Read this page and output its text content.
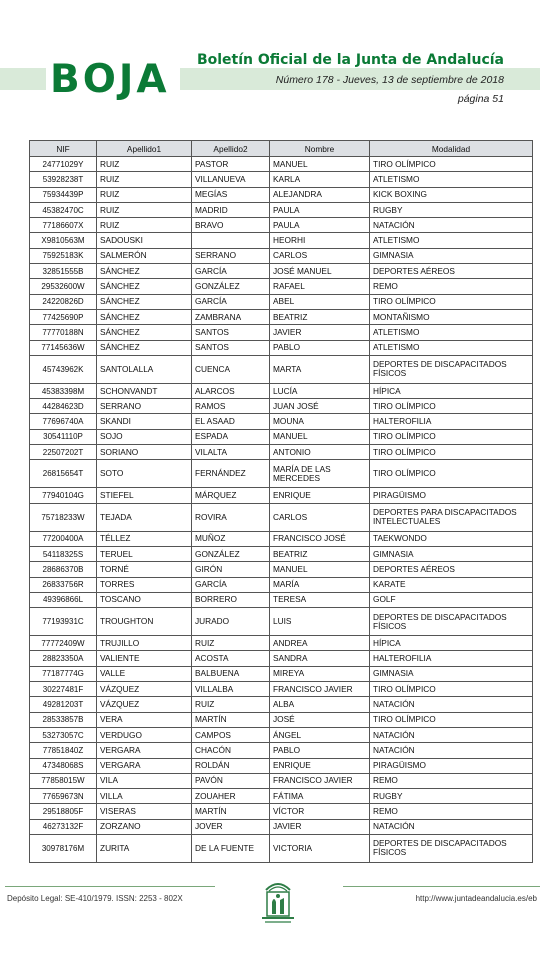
BOJA Boletín Oficial de la Junta de Andalucía
Número 178 - Jueves, 13 de septiembre de 2018
página 51
NIF	Apellido1	Apellido2	Nombre	Modalidad
24771029Y	RUIZ	PASTOR	MANUEL	TIRO OLÍMPICO
53928238T	RUIZ	VILLANUEVA	KARLA	ATLETISMO
75934439P	RUIZ	MEGÍAS	ALEJANDRA	KICK BOXING
45382470C	RUIZ	MADRID	PAULA	RUGBY
77186607X	RUIZ	BRAVO	PAULA	NATACIÓN
X9810563M	SADOUSKI		HEORHI	ATLETISMO
75925183K	SALMERÓN	SERRANO	CARLOS	GIMNASIA
32851555B	SÁNCHEZ	GARCÍA	JOSÉ MANUEL	DEPORTES AÉREOS
29532600W	SÁNCHEZ	GONZÁLEZ	RAFAEL	REMO
24220826D	SÁNCHEZ	GARCÍA	ABEL	TIRO OLÍMPICO
77425690P	SÁNCHEZ	ZAMBRANA	BEATRIZ	MONTAÑISMO
77770188N	SÁNCHEZ	SANTOS	JAVIER	ATLETISMO
77145636W	SÁNCHEZ	SANTOS	PABLO	ATLETISMO
45743962K	SANTOLALLA	CUENCA	MARTA	DEPORTES DE DISCAPACITADOS FÍSICOS
45383398M	SCHONVANDT	ALARCOS	LUCÍA	HÍPICA
44284623D	SERRANO	RAMOS	JUAN JOSÉ	TIRO OLÍMPICO
77696740A	SKANDI	EL ASAAD	MOUNA	HALTEROFILIA
30541110P	SOJO	ESPADA	MANUEL	TIRO OLÍMPICO
22507202T	SORIANO	VILALTA	ANTONIO	TIRO OLÍMPICO
26815654T	SOTO	FERNÁNDEZ	MARÍA DE LAS MERCEDES	TIRO OLÍMPICO
77940104G	STIEFEL	MÁRQUEZ	ENRIQUE	PIRAGÜISMO
75718233W	TEJADA	ROVIRA	CARLOS	DEPORTES PARA DISCAPACITADOS INTELECTUALES
77200400A	TÉLLEZ	MUÑOZ	FRANCISCO JOSÉ	TAEKWONDO
54118325S	TERUEL	GONZÁLEZ	BEATRIZ	GIMNASIA
28686370B	TORNÉ	GIRÓN	MANUEL	DEPORTES AÉREOS
26833756R	TORRES	GARCÍA	MARÍA	KARATE
49396866L	TOSCANO	BORRERO	TERESA	GOLF
77193931C	TROUGHTON	JURADO	LUIS	DEPORTES DE DISCAPACITADOS FÍSICOS
77772409W	TRUJILLO	RUIZ	ANDREA	HÍPICA
28823350A	VALIENTE	ACOSTA	SANDRA	HALTEROFILIA
77187774G	VALLE	BALBUENA	MIREYA	GIMNASIA
30227481F	VÁZQUEZ	VILLALBA	FRANCISCO JAVIER	TIRO OLÍMPICO
49281203T	VÁZQUEZ	RUIZ	ALBA	NATACIÓN
28533857B	VERA	MARTÍN	JOSÉ	TIRO OLÍMPICO
53273057C	VERDUGO	CAMPOS	ÁNGEL	NATACIÓN
77851840Z	VERGARA	CHACÓN	PABLO	NATACIÓN
47348068S	VERGARA	ROLDÁN	ENRIQUE	PIRAGÜISMO
77858015W	VILA	PAVÓN	FRANCISCO JAVIER	REMO
77659673N	VILLA	ZOUAHER	FÁTIMA	RUGBY
29518805F	VISERAS	MARTÍN	VÍCTOR	REMO
46273132F	ZORZANO	JOVER	JAVIER	NATACIÓN
30978176M	ZURITA	DE LA FUENTE	VICTORIA	DEPORTES DE DISCAPACITADOS FÍSICOS
Depósito Legal: SE-410/1979. ISSN: 2253 - 802X	http://www.juntadeandalucia.es/eb
